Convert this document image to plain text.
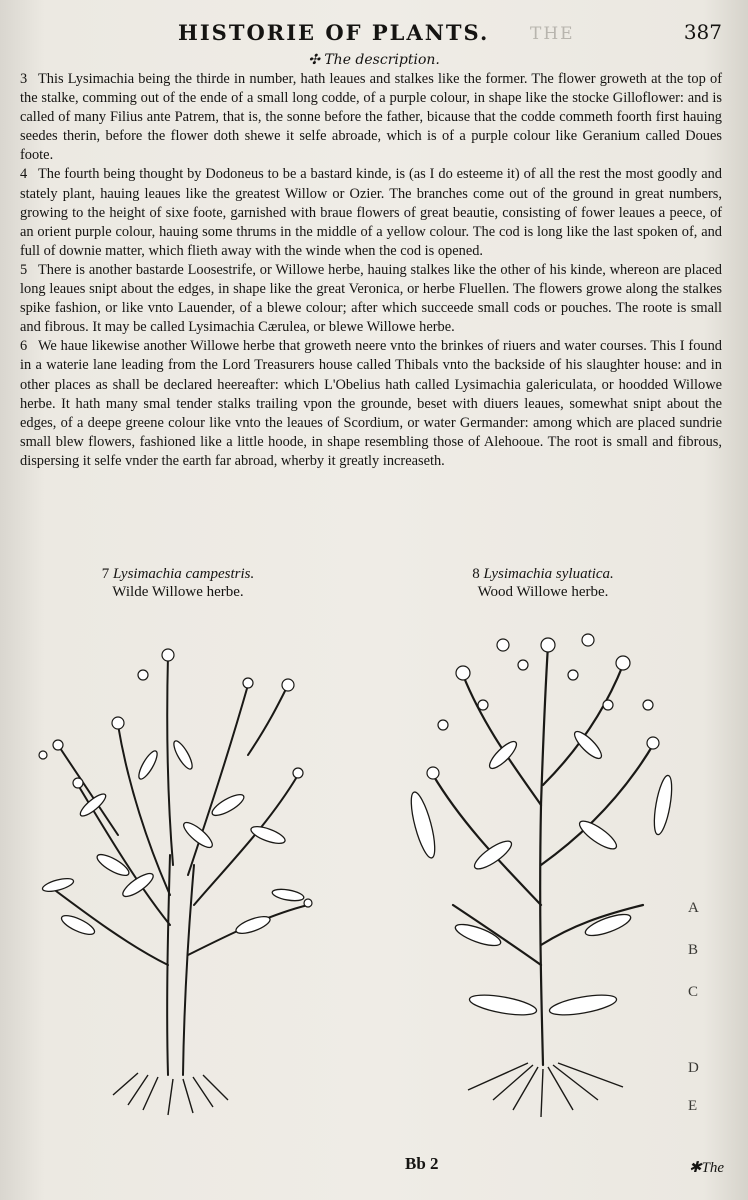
HISTORIE OF PLANTS. THE	387
✣ The description.

3 This Lysimachia being the thirde in number, hath leaues and stalkes like the former. The flower groweth at the top of the stalke, comming out of the ende of a small long codde, of a purple colour, in shape like the stocke Gilloflower: and is called of many Filius ante Patrem, that is, the sonne before the father, bicause that the codde commeth foorth first hauing seedes therin, before the flower doth shewe it selfe abroade, which is of a purple colour like Geranium called Doues foote.

4 The fourth being thought by Dodoneus to be a bastard kinde, is (as I do esteeme it) of all the rest the most goodly and stately plant, hauing leaues like the greatest Willow or Ozier. The branches come out of the ground in great numbers, growing to the height of sixe foote, garnished with braue flowers of great beautie, consisting of fower leaues a peece, of an orient purple colour, hauing some thrums in the middle of a yellow colour. The cod is long like the last spoken of, and full of downie matter, which flieth away with the winde when the cod is opened.

5 There is another bastarde Loosestrife, or Willowe herbe, hauing stalkes like the other of his kinde, whereon are placed long leaues snipt about the edges, in shape like the great Veronica, or herbe Fluellen. The flowers growe along the stalkes spike fashion, or like vnto Lauender, of a blewe colour; after which succeede small cods or pouches. The roote is small and fibrous. It may be called Lysimachia Cærulea, or blewe Willowe herbe.

6 We haue likewise another Willowe herbe that groweth neere vnto the brinkes of riuers and water courses. This I found in a waterie lane leading from the Lord Treasurers house called Thibals vnto the backside of his slaughter house: and in other places as shall be declared heereafter: which L'Obelius hath called Lysimachia galericulata, or hoodded Willowe herbe. It hath many smal tender stalks trailing vpon the grounde, beset with diuers leaues, somewhat snipt about the edges, of a deepe greene colour like vnto the leaues of Scordium, or water Germander: among which are placed sundrie small blew flowers, fashioned like a little hoode, in shape resembling those of Alehooue. The root is small and fibrous, dispersing it selfe vnder the earth far abroad, wherby it greatly increaseth.

7 Lysimachia campestris.
Wilde Willowe herbe.
8 Lysimachia syluatica.
Wood Willowe herbe.
A
B
C
D
E
Bb 2	✱The
